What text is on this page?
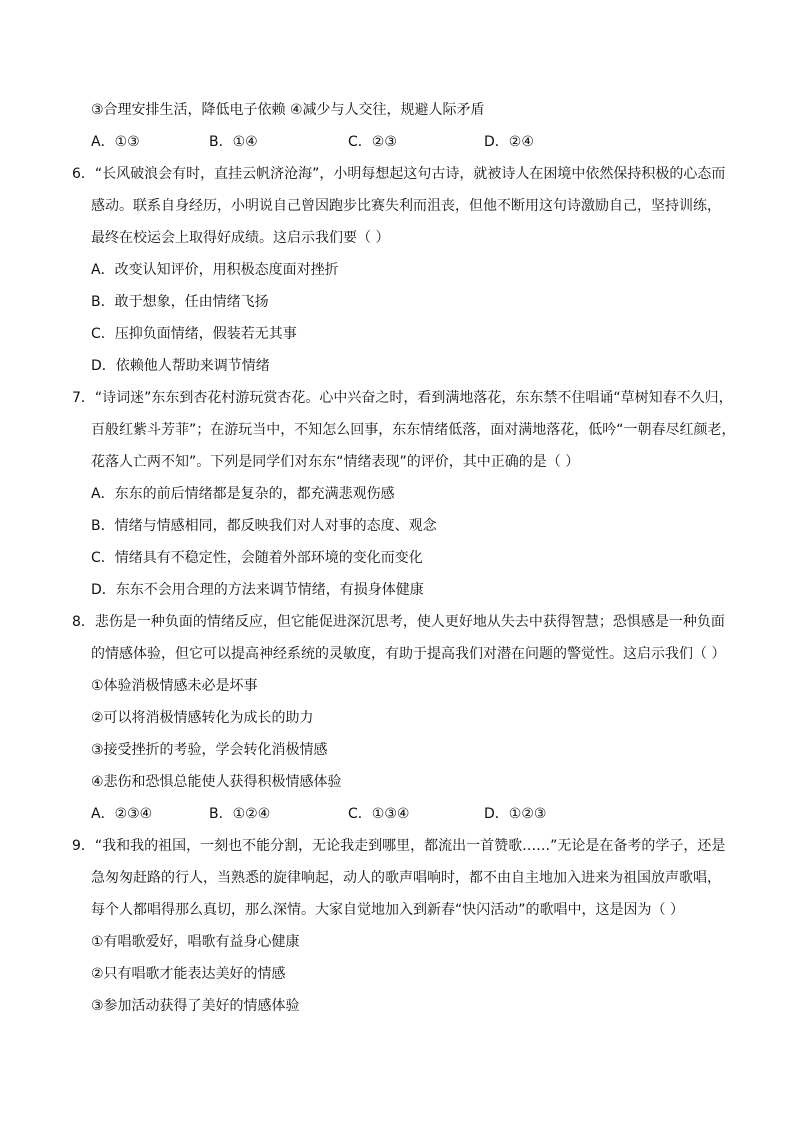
③合理安排生活，降低电子依赖 ④减少与人交往，规避人际矛盾
A．①③	B．①④	C．②③	D．②④
6．“长风破浪会有时，直挂云帆济沧海”，小明每想起这句古诗，就被诗人在困境中依然保持积极的心态而
感动。联系自身经历，小明说自己曾因跑步比赛失利而沮丧，但他不断用这句诗激励自己，坚持训练，
最终在校运会上取得好成绩。这启示我们要（ ）
A．改变认知评价，用积极态度面对挫折
B．敢于想象，任由情绪飞扬
C．压抑负面情绪，假装若无其事
D．依赖他人帮助来调节情绪
7．“诗词迷”东东到杏花村游玩赏杏花。心中兴奋之时，看到满地落花，东东禁不住唱诵“草树知春不久归，
百般红紫斗芳菲”；在游玩当中，不知怎么回事，东东情绪低落，面对满地落花，低吟“一朝春尽红颜老，
花落人亡两不知”。下列是同学们对东东“情绪表现”的评价，其中正确的是（ ）
A．东东的前后情绪都是复杂的，都充满悲观伤感
B．情绪与情感相同，都反映我们对人对事的态度、观念
C．情绪具有不稳定性，会随着外部环境的变化而变化
D．东东不会用合理的方法来调节情绪，有损身体健康
8．悲伤是一种负面的情绪反应，但它能促进深沉思考，使人更好地从失去中获得智慧；恐惧感是一种负面
的情感体验，但它可以提高神经系统的灵敏度，有助于提高我们对潜在问题的警觉性。这启示我们（ ）
①体验消极情感未必是坏事
②可以将消极情感转化为成长的助力
③接受挫折的考验，学会转化消极情感
④悲伤和恐惧总能使人获得积极情感体验
A．②③④	B．①②④	C．①③④	D．①②③
9．“我和我的祖国，一刻也不能分割，无论我走到哪里，都流出一首赞歌……”无论是在备考的学子，还是
急匆匆赶路的行人，当熟悉的旋律响起，动人的歌声唱响时，都不由自主地加入进来为祖国放声歌唱，
每个人都唱得那么真切，那么深情。大家自觉地加入到新春“快闪活动”的歌唱中，这是因为（ ）
①有唱歌爱好，唱歌有益身心健康
②只有唱歌才能表达美好的情感
③参加活动获得了美好的情感体验
